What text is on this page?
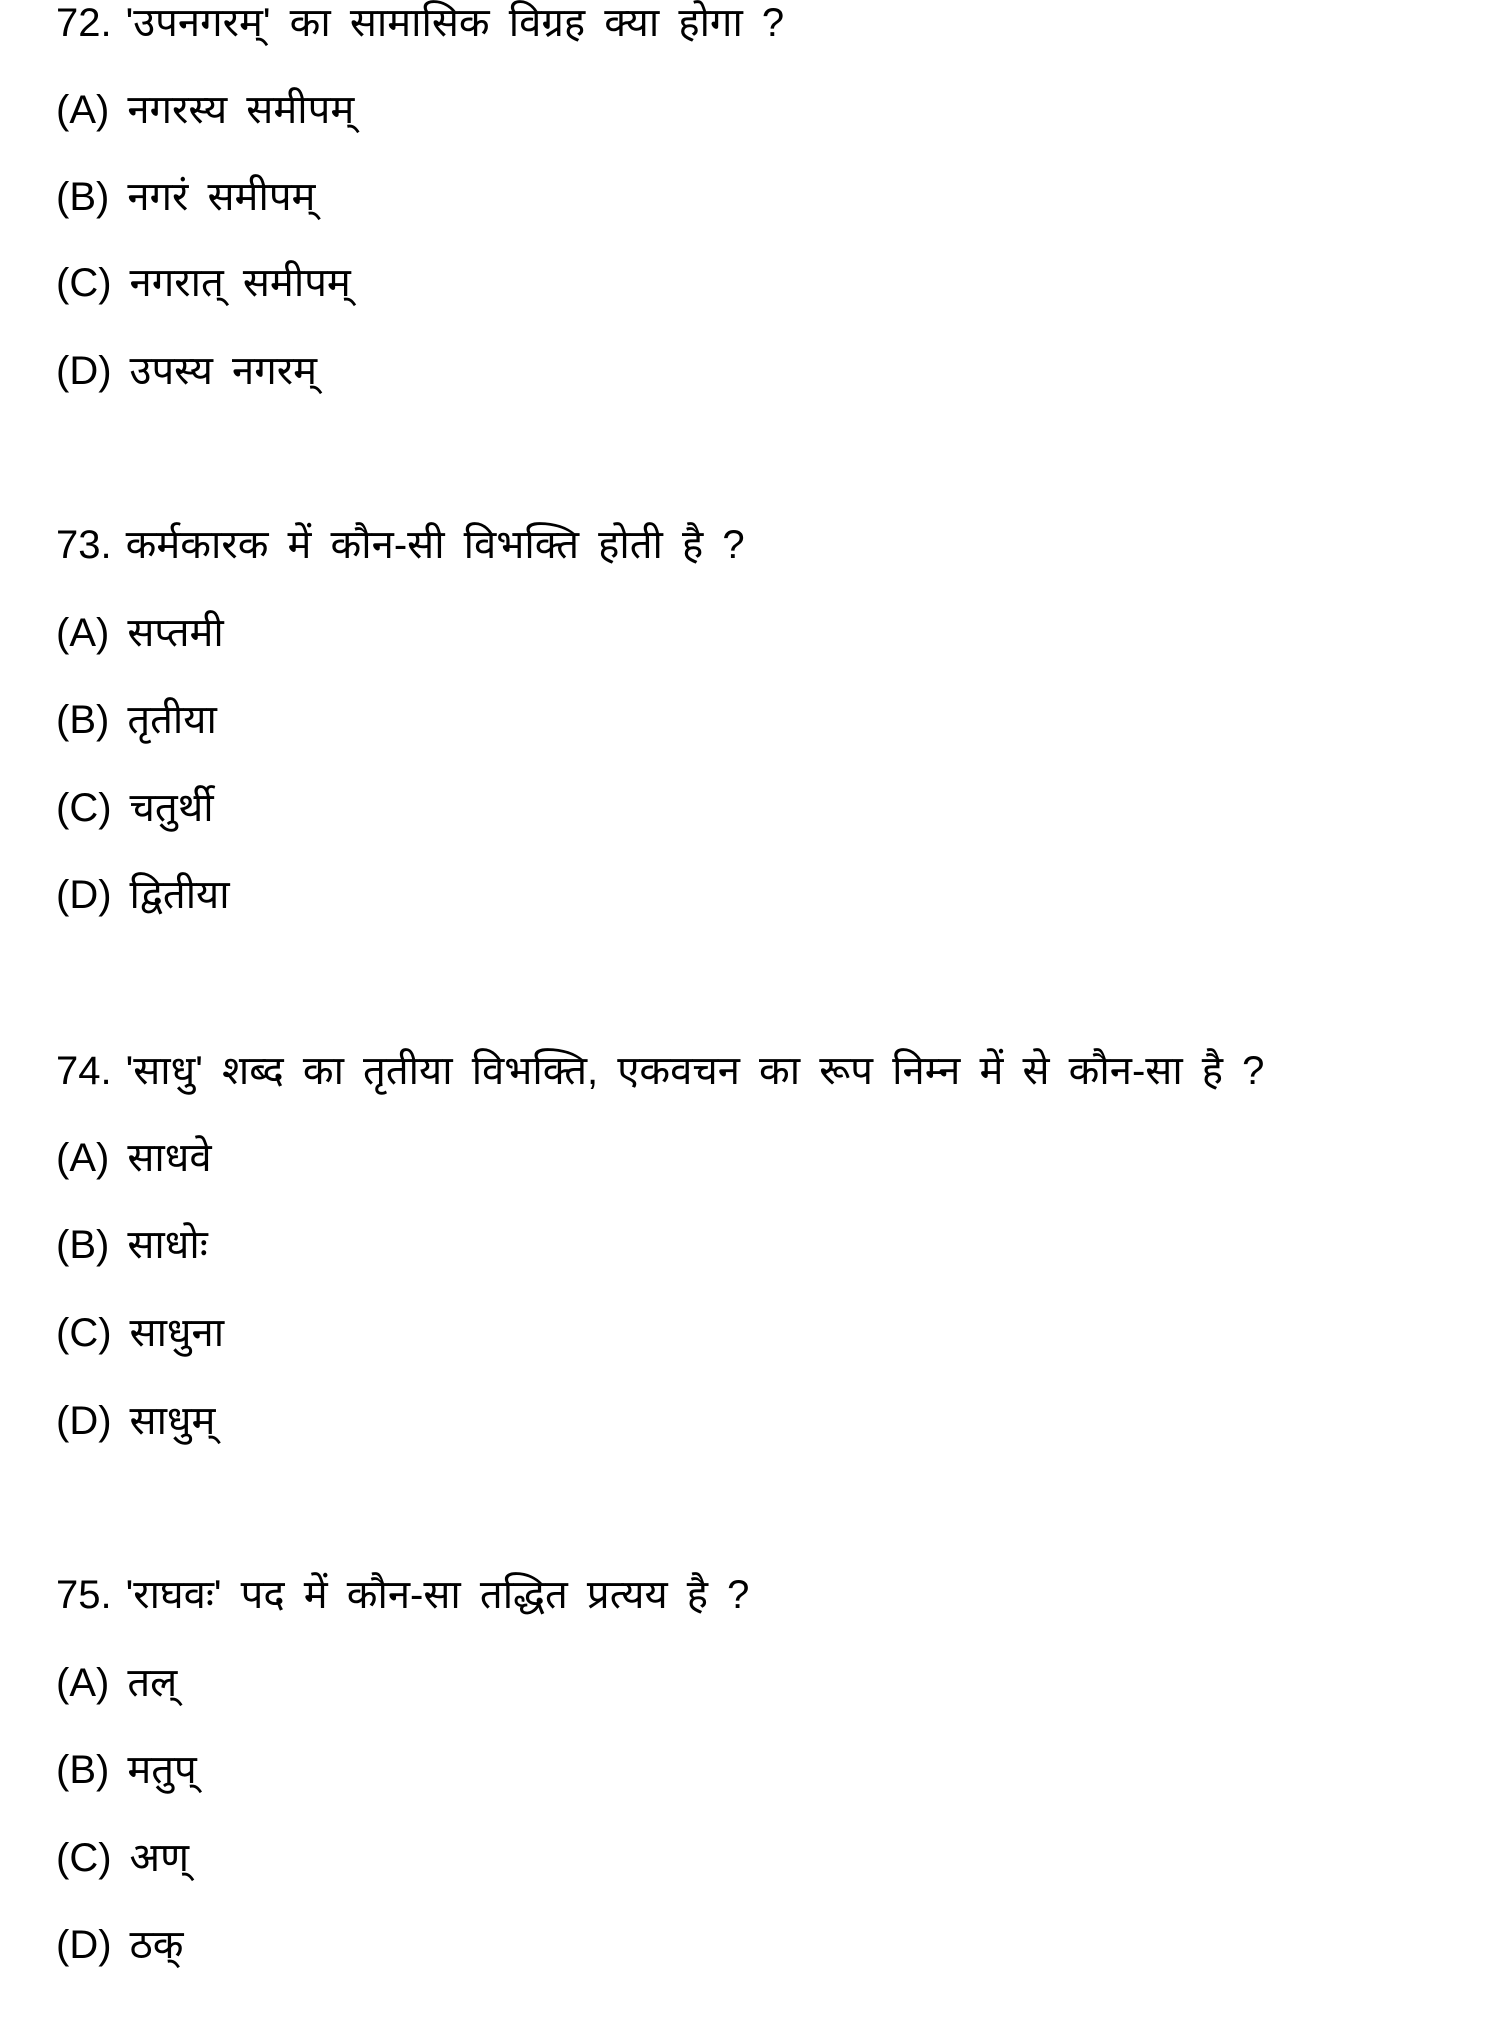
72. 'उपनगरम्' का सामासिक विग्रह क्या होगा ?
(A) नगरस्य समीपम्
(B) नगरं समीपम्
(C) नगरात् समीपम्
(D) उपस्य नगरम्
73. कर्मकारक में कौन-सी विभक्ति होती है ?
(A) सप्तमी
(B) तृतीया
(C) चतुर्थी
(D) द्वितीया
74. 'साधु' शब्द का तृतीया विभक्ति, एकवचन का रूप निम्न में से कौन-सा है ?
(A) साधवे
(B) साधोः
(C) साधुना
(D) साधुम्
75. 'राघवः' पद में कौन-सा तद्धित प्रत्यय है ?
(A) तल्
(B) मतुप्
(C) अण्
(D) ठक्
